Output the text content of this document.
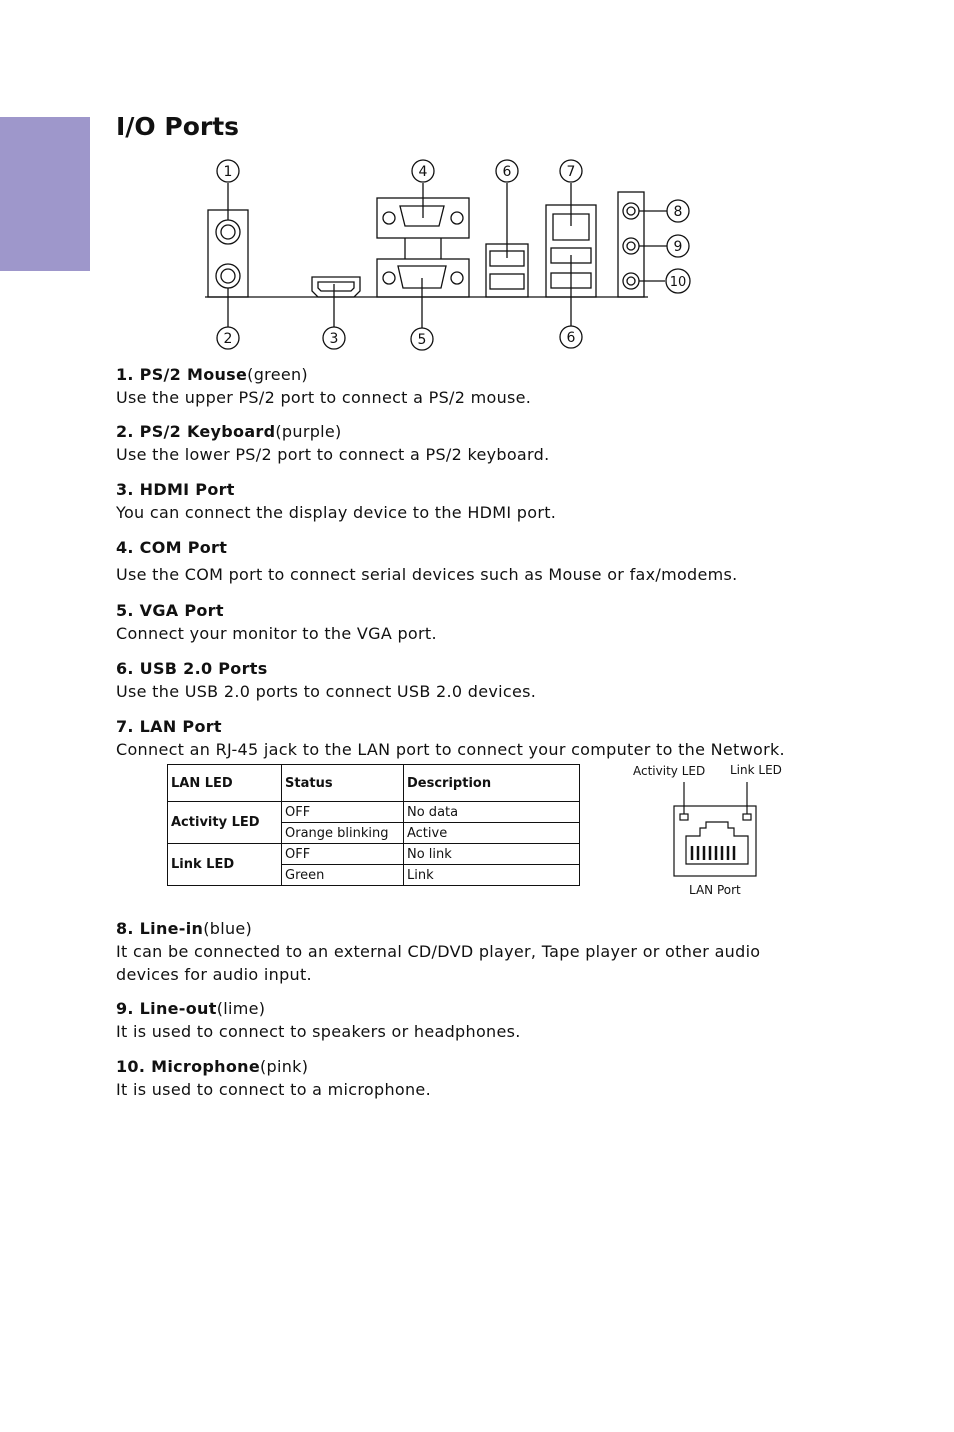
I/O Ports
1
2	3
4
5
6	7
8
9
10
6
1. PS/2 Mouse(green)

Use the upper PS/2 port to connect a PS/2 mouse.

2. PS/2 Keyboard(purple)

Use the lower PS/2 port to connect a PS/2 keyboard.

3. HDMI Port

You can connect the display device to the HDMI port.

4. COM Port

Use the COM port to connect serial devices such as Mouse or fax/modems.

5. VGA Port

Connect your monitor to the VGA port.

6. USB 2.0 Ports

Use the USB 2.0 ports to connect USB 2.0 devices.

7. LAN Port

Connect an RJ-45 jack to the LAN port to connect your computer to the Network.

LAN LED	Status	Description
Activity LED	OFF	No data
	Orange blinking	Active
Link LED	OFF	No link
	Green	Link
Activity LED Link LED
LAN Port
8. Line-in(blue)

It can be connected to an external CD/DVD player, Tape player or other audio devices for audio input.

9. Line-out(lime)

It is used to connect to speakers or headphones.

10. Microphone(pink)

It is used to connect to a microphone.
